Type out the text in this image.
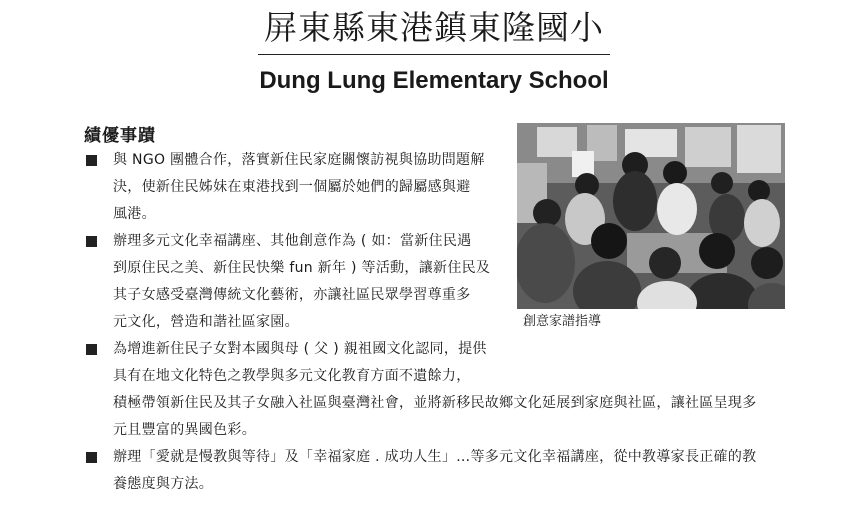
屏東縣東港鎮東隆國小
Dung Lung Elementary School
績優事蹟
與 NGO 團體合作，落實新住民家庭關懷訪視與協助問題解
決，使新住民姊妹在東港找到一個屬於她們的歸屬感與避
風港。
辦理多元文化幸福講座、其他創意作為 ( 如：當新住民遇
到原住民之美、新住民快樂 fun 新年 ) 等活動，讓新住民及
其子女感受臺灣傳統文化藝術，亦讓社區民眾學習尊重多
元文化，營造和諧社區家園。
為增進新住民子女對本國與母 ( 父 ) 親祖國文化認同，提供
具有在地文化特色之教學與多元文化教育方面不遺餘力，
積極帶領新住民及其子女融入社區與臺灣社會，並將新移民故鄉文化延展到家庭與社區，讓社區呈現多
元且豐富的異國色彩。
辦理「愛就是慢教與等待」及「幸福家庭 . 成功人生」…等多元文化幸福講座，從中教導家長正確的教
養態度與方法。
創意家譜指導
